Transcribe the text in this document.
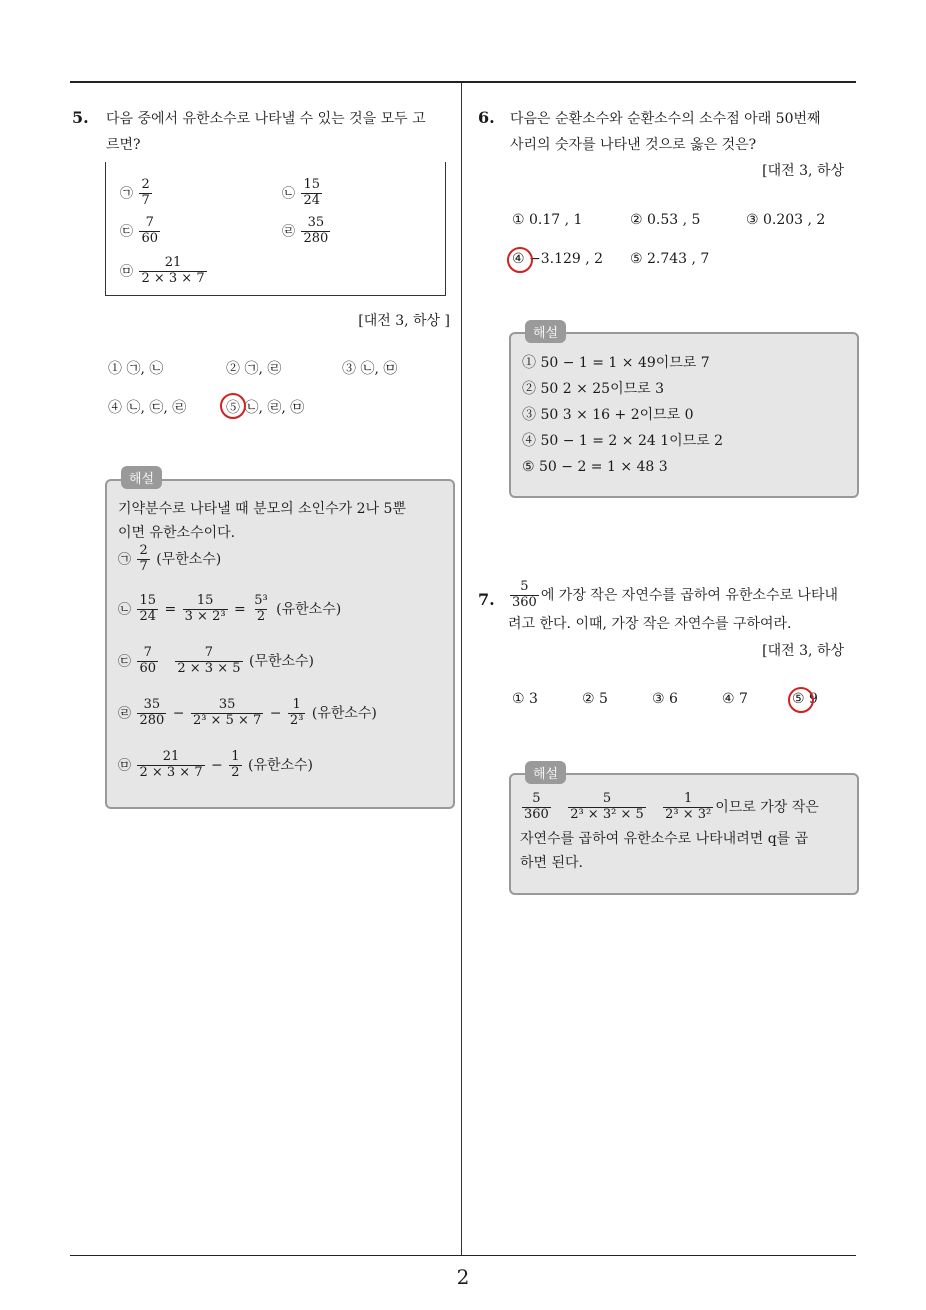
2
5. 다음 중에서 유한소수로 나타낼 수 있는 것을 모두 고
르면?
㉠ $\frac{2}{7}$	㉡ $\frac{15}{24}$
㉢ $\frac{7}{60}$	㉣ $\frac{35}{280}$
㉤ $\frac{21}{2 \times 3 \times 7}$
[대전 3, 하상 ]
① ㉠, ㉡	② ㉠, ㉣	③ ㉡, ㉤
④ ㉡, ㉢, ㉣	⑤ ㉡, ㉣, ㉤
해설
기약분수로 나타낼 때 분모의 소인수가 2나 5뿐
이면 유한소수이다.
㉠ $\frac{2}{7}$ (무한소수)
㉡ $\frac{15}{24} = \frac{15}{\text{3 × 2³}} = \frac{\text{5³}}{2}$ (유한소수)
㉢ $\frac{7}{60}$
$\frac{7}{2 \times 3 \times 5}$ (무한소수)
㉣ $\frac{35}{280} - \frac{35}{\text{2³ × 5 × 7}} - \frac{1}{\text{2³}}$ (유한소수)
㉤ $\frac{21}{2 \times 3 \times 7} - \frac{1}{2}$ (유한소수)
6. 다음은 순환소수와 순환소수의 소수점 아래 50번째
사리의 숫자를 나타낸 것으로 옳은 것은?
[대전 3, 하상
① 0.17 , 1	② 0.53 , 5	③ 0.203 , 2
④ −3.129 , 2 ⑤ 2.743 , 7
해설
① 50 − 1 = 1 × 49이므로 7
② 50 2 × 25이므로 3
③ 50 3 × 16 + 2이므로 0
④ 50 − 1 = 2 × 24 1이므로 2
⑤ 50 − 2 = 1 × 48 3
7. $\frac{5}{360}$ 에 가장 작은 자연수를 곱하여 유한소수로 나타내
려고 한다. 이때, 가장 작은 자연수를 구하여라.
[대전 3, 하상
① 3	② 5	③ 6	④ 7	⑤ 9
해설
$\frac{5}{360}$
$\frac{5}{\text{2³ × 3² × 5}}$
$\frac{1}{\text{2³ × 3²}}$ 이므로 가장 작은
자연수를 곱하여 유한소수로 나타내려면 q를 곱
하면 된다.
